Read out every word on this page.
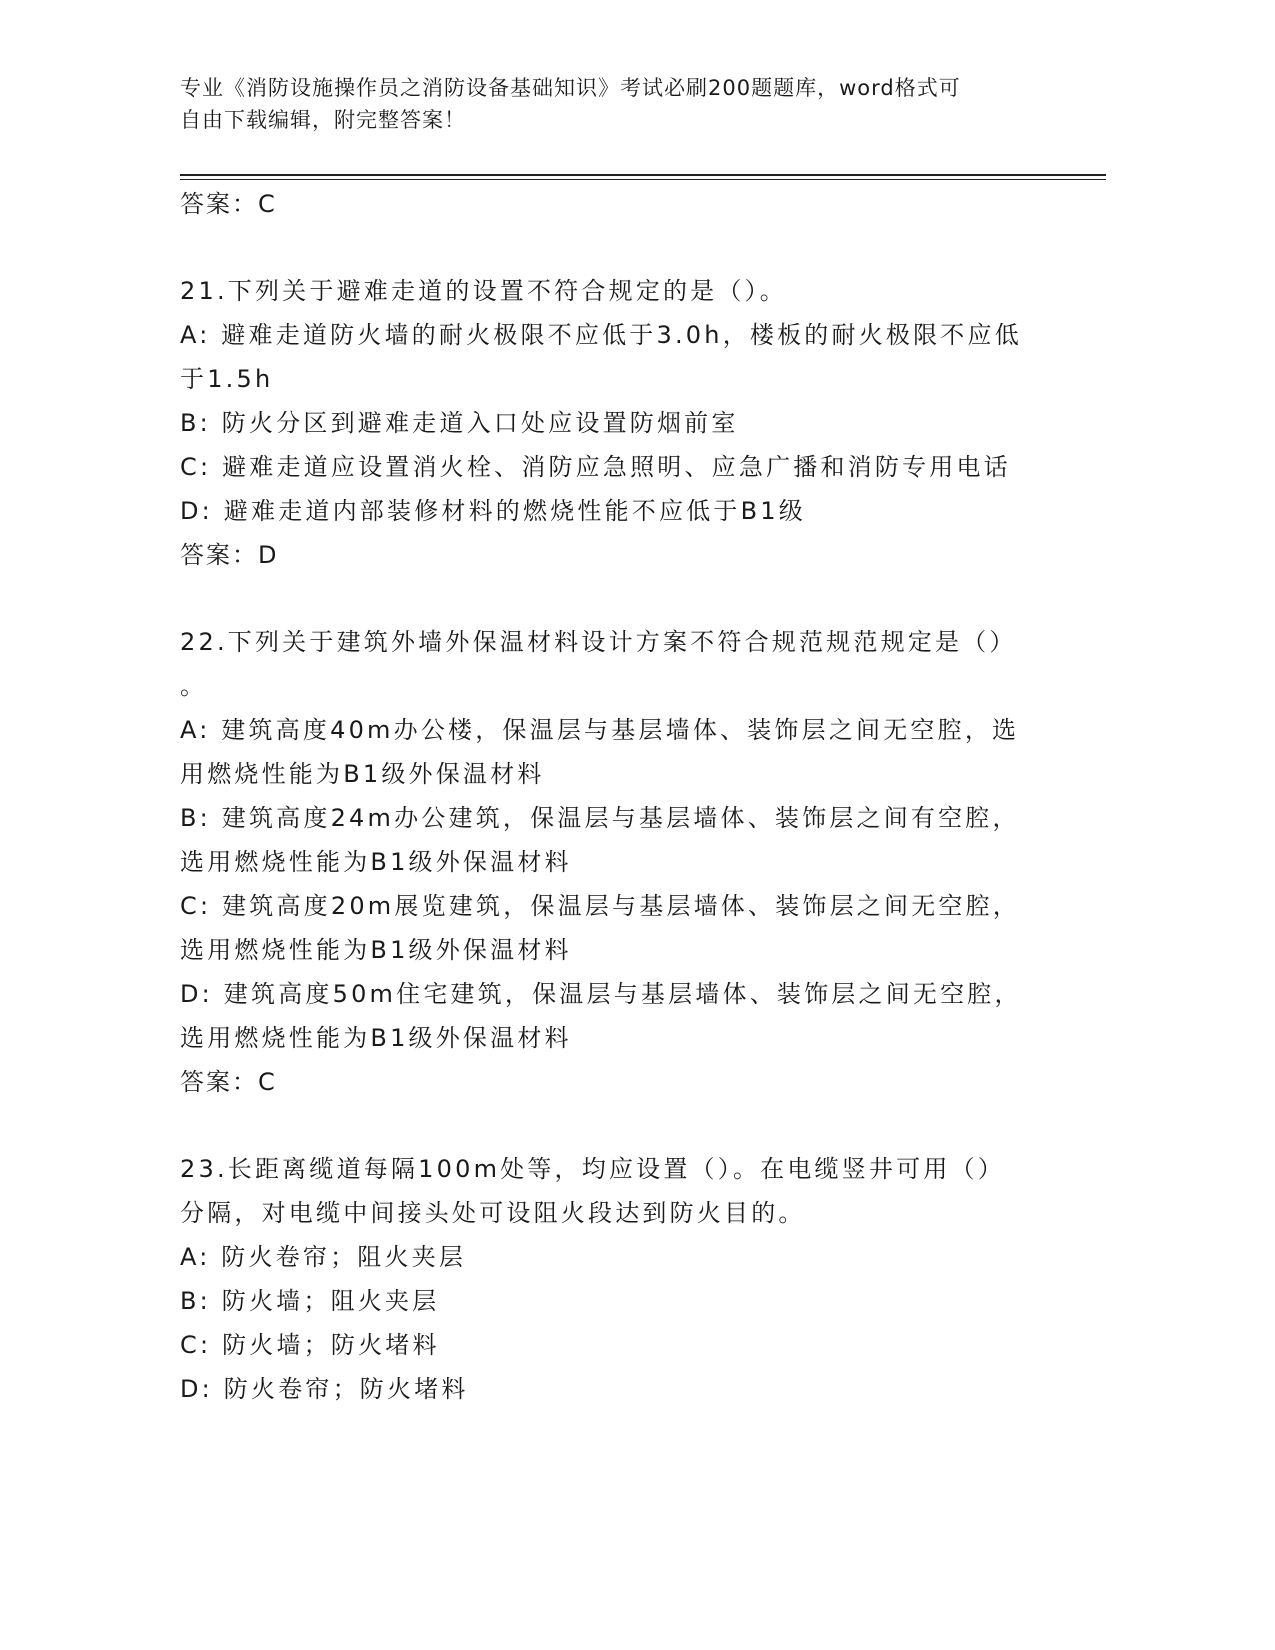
专业《消防设施操作员之消防设备基础知识》考试必刷200题题库，word格式可
自由下载编辑，附完整答案！
答案：C
21.下列关于避难走道的设置不符合规定的是（）。
A: 避难走道防火墙的耐火极限不应低于3.0h，楼板的耐火极限不应低
于1.5h
B: 防火分区到避难走道入口处应设置防烟前室
C: 避难走道应设置消火栓、消防应急照明、应急广播和消防专用电话
D: 避难走道内部装修材料的燃烧性能不应低于B1级
答案：D
22.下列关于建筑外墙外保温材料设计方案不符合规范规范规定是（）
。
A: 建筑高度40m办公楼，保温层与基层墙体、装饰层之间无空腔，选
用燃烧性能为B1级外保温材料
B: 建筑高度24m办公建筑，保温层与基层墙体、装饰层之间有空腔，
选用燃烧性能为B1级外保温材料
C: 建筑高度20m展览建筑，保温层与基层墙体、装饰层之间无空腔，
选用燃烧性能为B1级外保温材料
D: 建筑高度50m住宅建筑，保温层与基层墙体、装饰层之间无空腔，
选用燃烧性能为B1级外保温材料
答案：C
23.长距离缆道每隔100m处等，均应设置（）。在电缆竖井可用（）
分隔，对电缆中间接头处可设阻火段达到防火目的。
A: 防火卷帘；阻火夹层
B: 防火墙；阻火夹层
C: 防火墙；防火堵料
D: 防火卷帘；防火堵料
